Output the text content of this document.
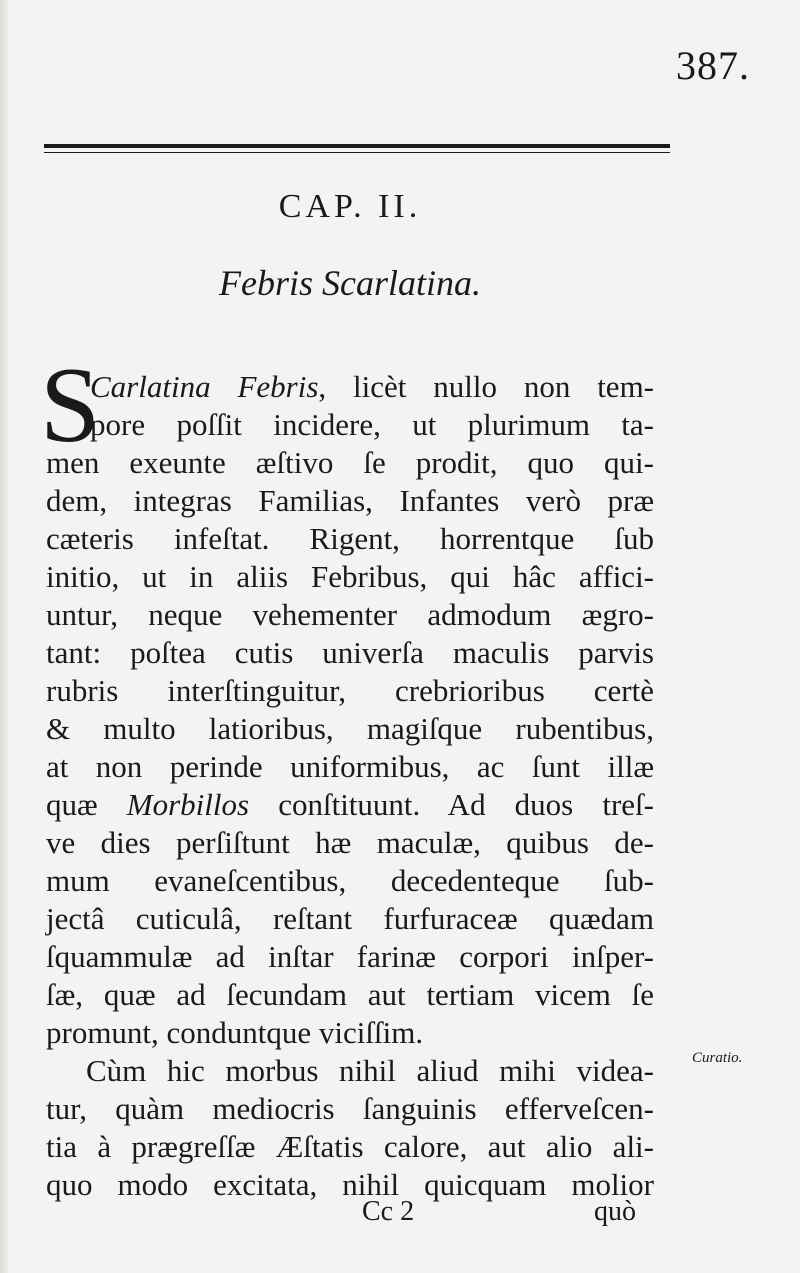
387.
CAP. II.
Febris Scarlatina.
S
Carlatina Febris, licèt nullo non tem-
pore poſſit incidere, ut plurimum ta-
men exeunte æſtivo ſe prodit, quo qui-
dem, integras Familias, Infantes verò præ
cæteris infeſtat. Rigent, horrentque ſub
initio, ut in aliis Febribus, qui hâc affici-
untur, neque vehementer admodum ægro-
tant: poſtea cutis univerſa maculis parvis
rubris interſtinguitur, crebrioribus certè
& multo latioribus, magiſque rubentibus,
at non perinde uniformibus, ac ſunt illæ
quæ Morbillos conſtituunt. Ad duos treſ-
ve dies perſiſtunt hæ maculæ, quibus de-
mum evaneſcentibus, decedenteque ſub-
jectâ cuticulâ, reſtant furfuraceæ quædam
ſquammulæ ad inſtar farinæ corpori inſper-
ſæ, quæ ad ſecundam aut tertiam vicem ſe
promunt, conduntque viciſſim.
Cùm hic morbus nihil aliud mihi videa-
tur, quàm mediocris ſanguinis efferveſcen-
tia à prægreſſæ Æſtatis calore, aut alio ali-
quo modo excitata, nihil quicquam molior
Curatio.
Cc 2	quò
